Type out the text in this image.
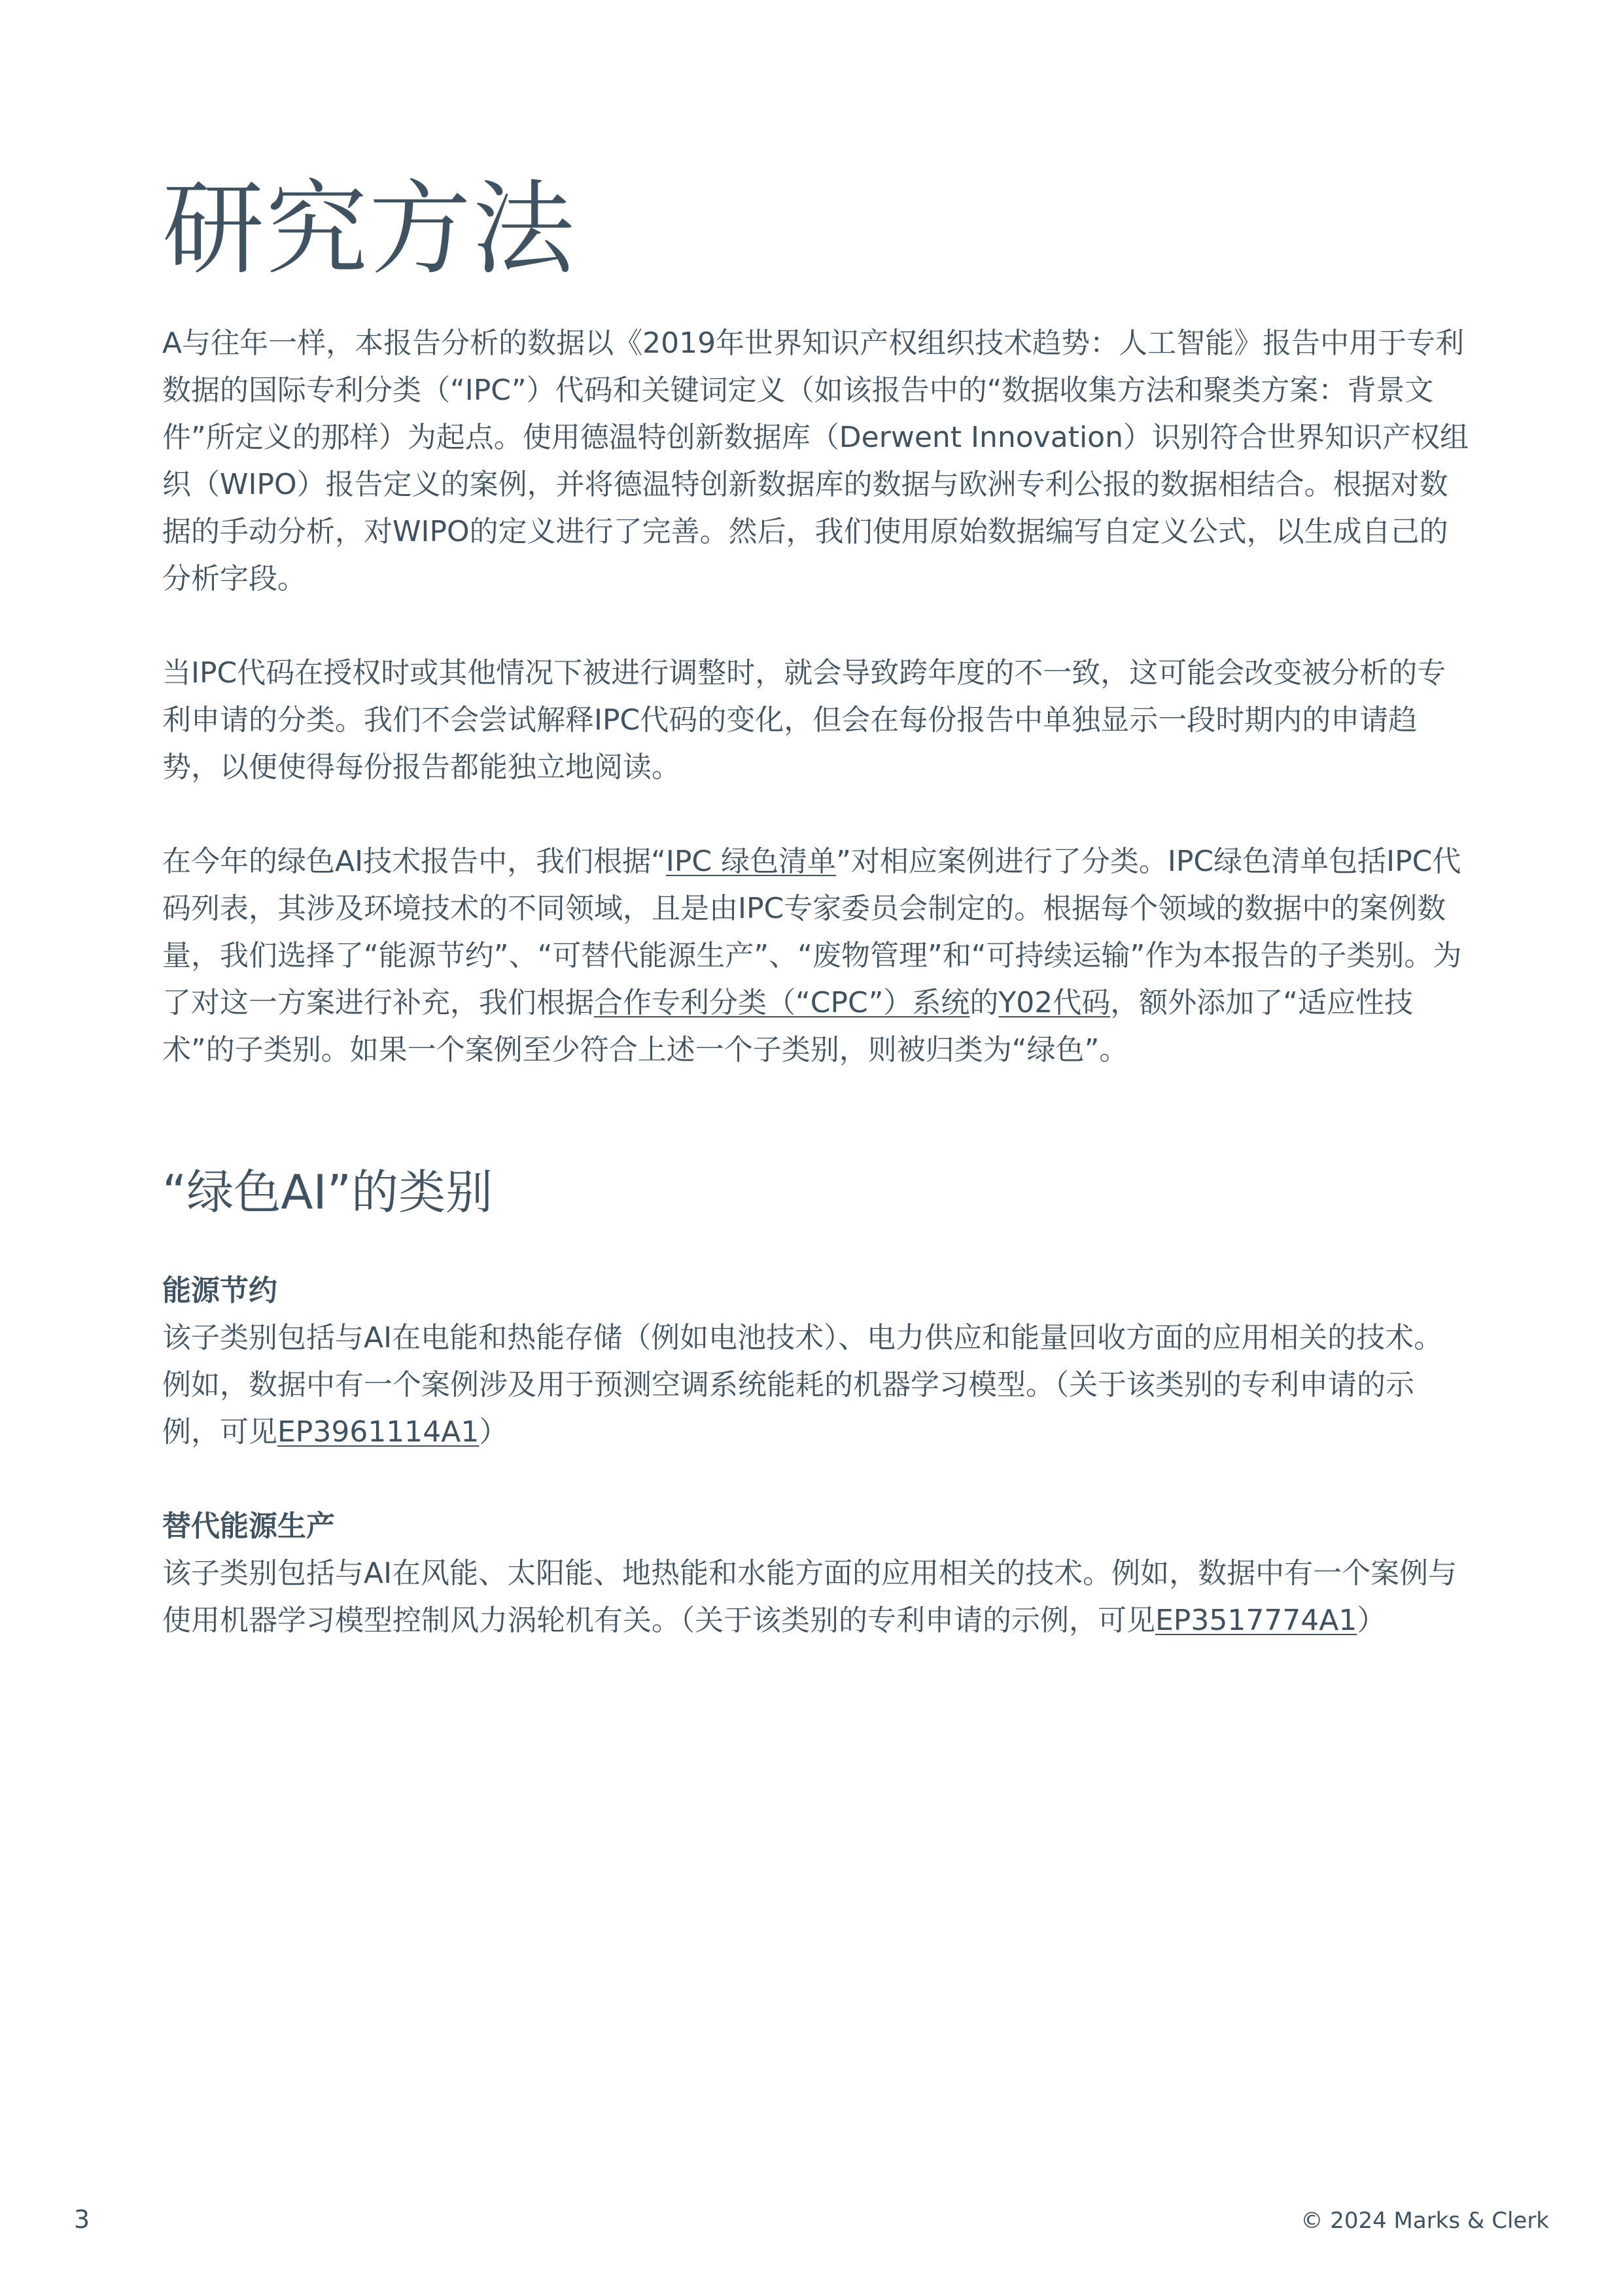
研究方法

A与往年一样，本报告分析的数据以《2019年世界知识产权组织技术趋势：人工智能》报告中用于专利数据的国际专利分类（“IPC”）代码和关键词定义（如该报告中的“数据收集方法和聚类方案：背景文件”所定义的那样）为起点。使用德温特创新数据库（Derwent Innovation）识别符合世界知识产权组织（WIPO）报告定义的案例，并将德温特创新数据库的数据与欧洲专利公报的数据相结合。根据对数据的手动分析，对WIPO的定义进行了完善。然后，我们使用原始数据编写自定义公式，以生成自己的分析字段。

当IPC代码在授权时或其他情况下被进行调整时，就会导致跨年度的不一致，这可能会改变被分析的专利申请的分类。我们不会尝试解释IPC代码的变化，但会在每份报告中单独显示一段时期内的申请趋势，以便使得每份报告都能独立地阅读。

在今年的绿色AI技术报告中，我们根据“IPC 绿色清单”对相应案例进行了分类。IPC绿色清单包括IPC代码列表，其涉及环境技术的不同领域，且是由IPC专家委员会制定的。根据每个领域的数据中的案例数量，我们选择了“能源节约”、“可替代能源生产”、“废物管理”和“可持续运输”作为本报告的子类别。为了对这一方案进行补充，我们根据合作专利分类（“CPC”）系统的Y02代码，额外添加了“适应性技术”的子类别。如果一个案例至少符合上述一个子类别，则被归类为“绿色”。

“绿色AI”的类别

能源节约

该子类别包括与AI在电能和热能存储（例如电池技术）、电力供应和能量回收方面的应用相关的技术。例如，数据中有一个案例涉及用于预测空调系统能耗的机器学习模型。（关于该类别的专利申请的示例，可见EP3961114A1）

替代能源生产

该子类别包括与AI在风能、太阳能、地热能和水能方面的应用相关的技术。例如，数据中有一个案例与使用机器学习模型控制风力涡轮机有关。（关于该类别的专利申请的示例，可见EP3517774A1）

3	© 2024 Marks & Clerk
